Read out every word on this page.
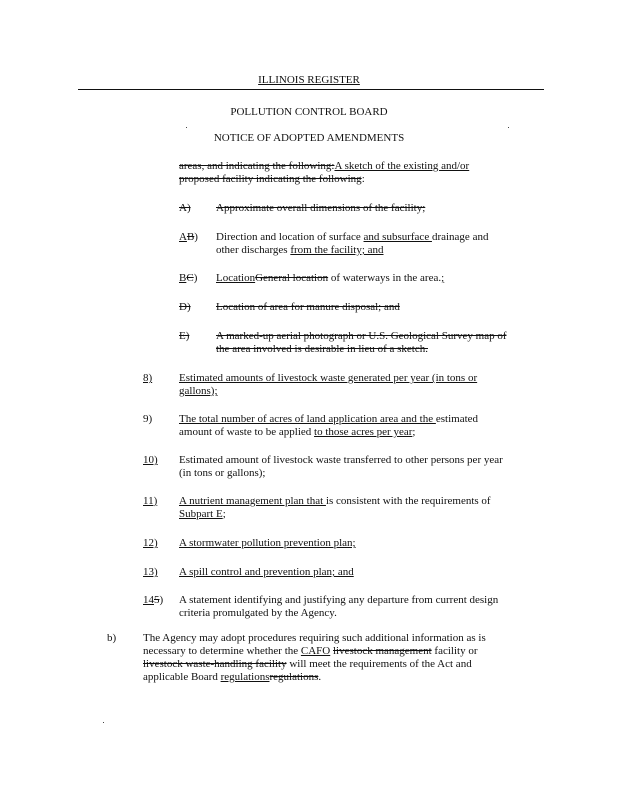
ILLINOIS REGISTER
POLLUTION CONTROL BOARD
NOTICE OF ADOPTED AMENDMENTS
areas, and indicating the following:A sketch of the existing and/or
proposed facility indicating the following:
A) Approximate overall dimensions of the facility;
AB) Direction and location of surface and subsurface drainage and
other discharges from the facility; and
BC) LocationGeneral location of waterways in the area.;
D) Location of area for manure disposal; and
E) A marked-up aerial photograph or U.S. Geological Survey map of
the area involved is desirable in lieu of a sketch.
8) Estimated amounts of livestock waste generated per year (in tons or
gallons);
9) The total number of acres of land application area and the estimated
amount of waste to be applied to those acres per year;
10) Estimated amount of livestock waste transferred to other persons per year
(in tons or gallons);
11) A nutrient management plan that is consistent with the requirements of
Subpart E;
12) A stormwater pollution prevention plan;
13) A spill control and prevention plan; and
145) A statement identifying and justifying any departure from current design
criteria promulgated by the Agency.
b) The Agency may adopt procedures requiring such additional information as is
necessary to determine whether the CAFO livestock management facility or
livestock waste-handling facility will meet the requirements of the Act and
applicable Board regulationsregulations.
